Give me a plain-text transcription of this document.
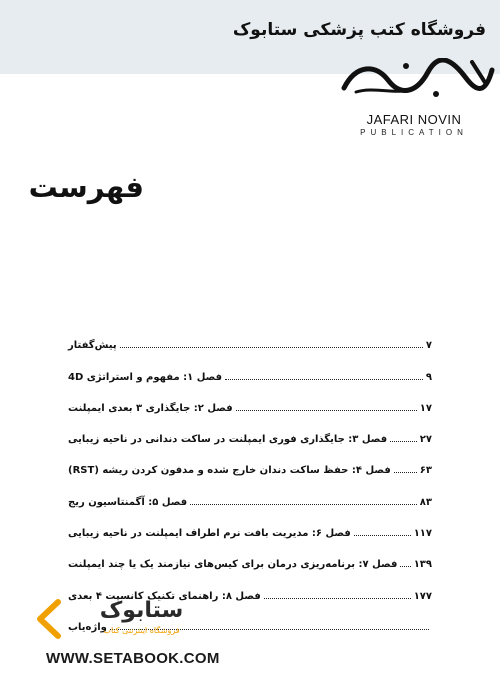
فروشگاه کتب پزشکی ستابوک
JAFARI NOVIN
PUBLICATION
فهرست
پیش‌گفتار	۷
فصل ۱: مفهوم و استراتژی 4D	۹
فصل ۲: جایگذاری ۳ بعدی ایمپلنت	۱۷
فصل ۳: جایگذاری فوری ایمپلنت در ساکت دندانی در ناحیه زیبایی	۲۷
فصل ۴: حفظ ساکت دندان خارج شده و مدفون کردن ریشه (RST)	۶۳
فصل ۵: آگمنتاسیون ریج	۸۳
فصل ۶: مدیریت بافت نرم اطراف ایمپلنت در ناحیه زیبایی	۱۱۷
فصل ۷: برنامه‌ریزی درمان برای کیس‌های نیازمند یک یا چند ایمپلنت ۱۳۹
فصل ۸: راهنمای تکنیک کانسپت ۴ بعدی	۱۷۷
واژه‌یاب
ستابوک
فروشگاه اینترنتی کتاب
WWW.SETABOOK.COM
